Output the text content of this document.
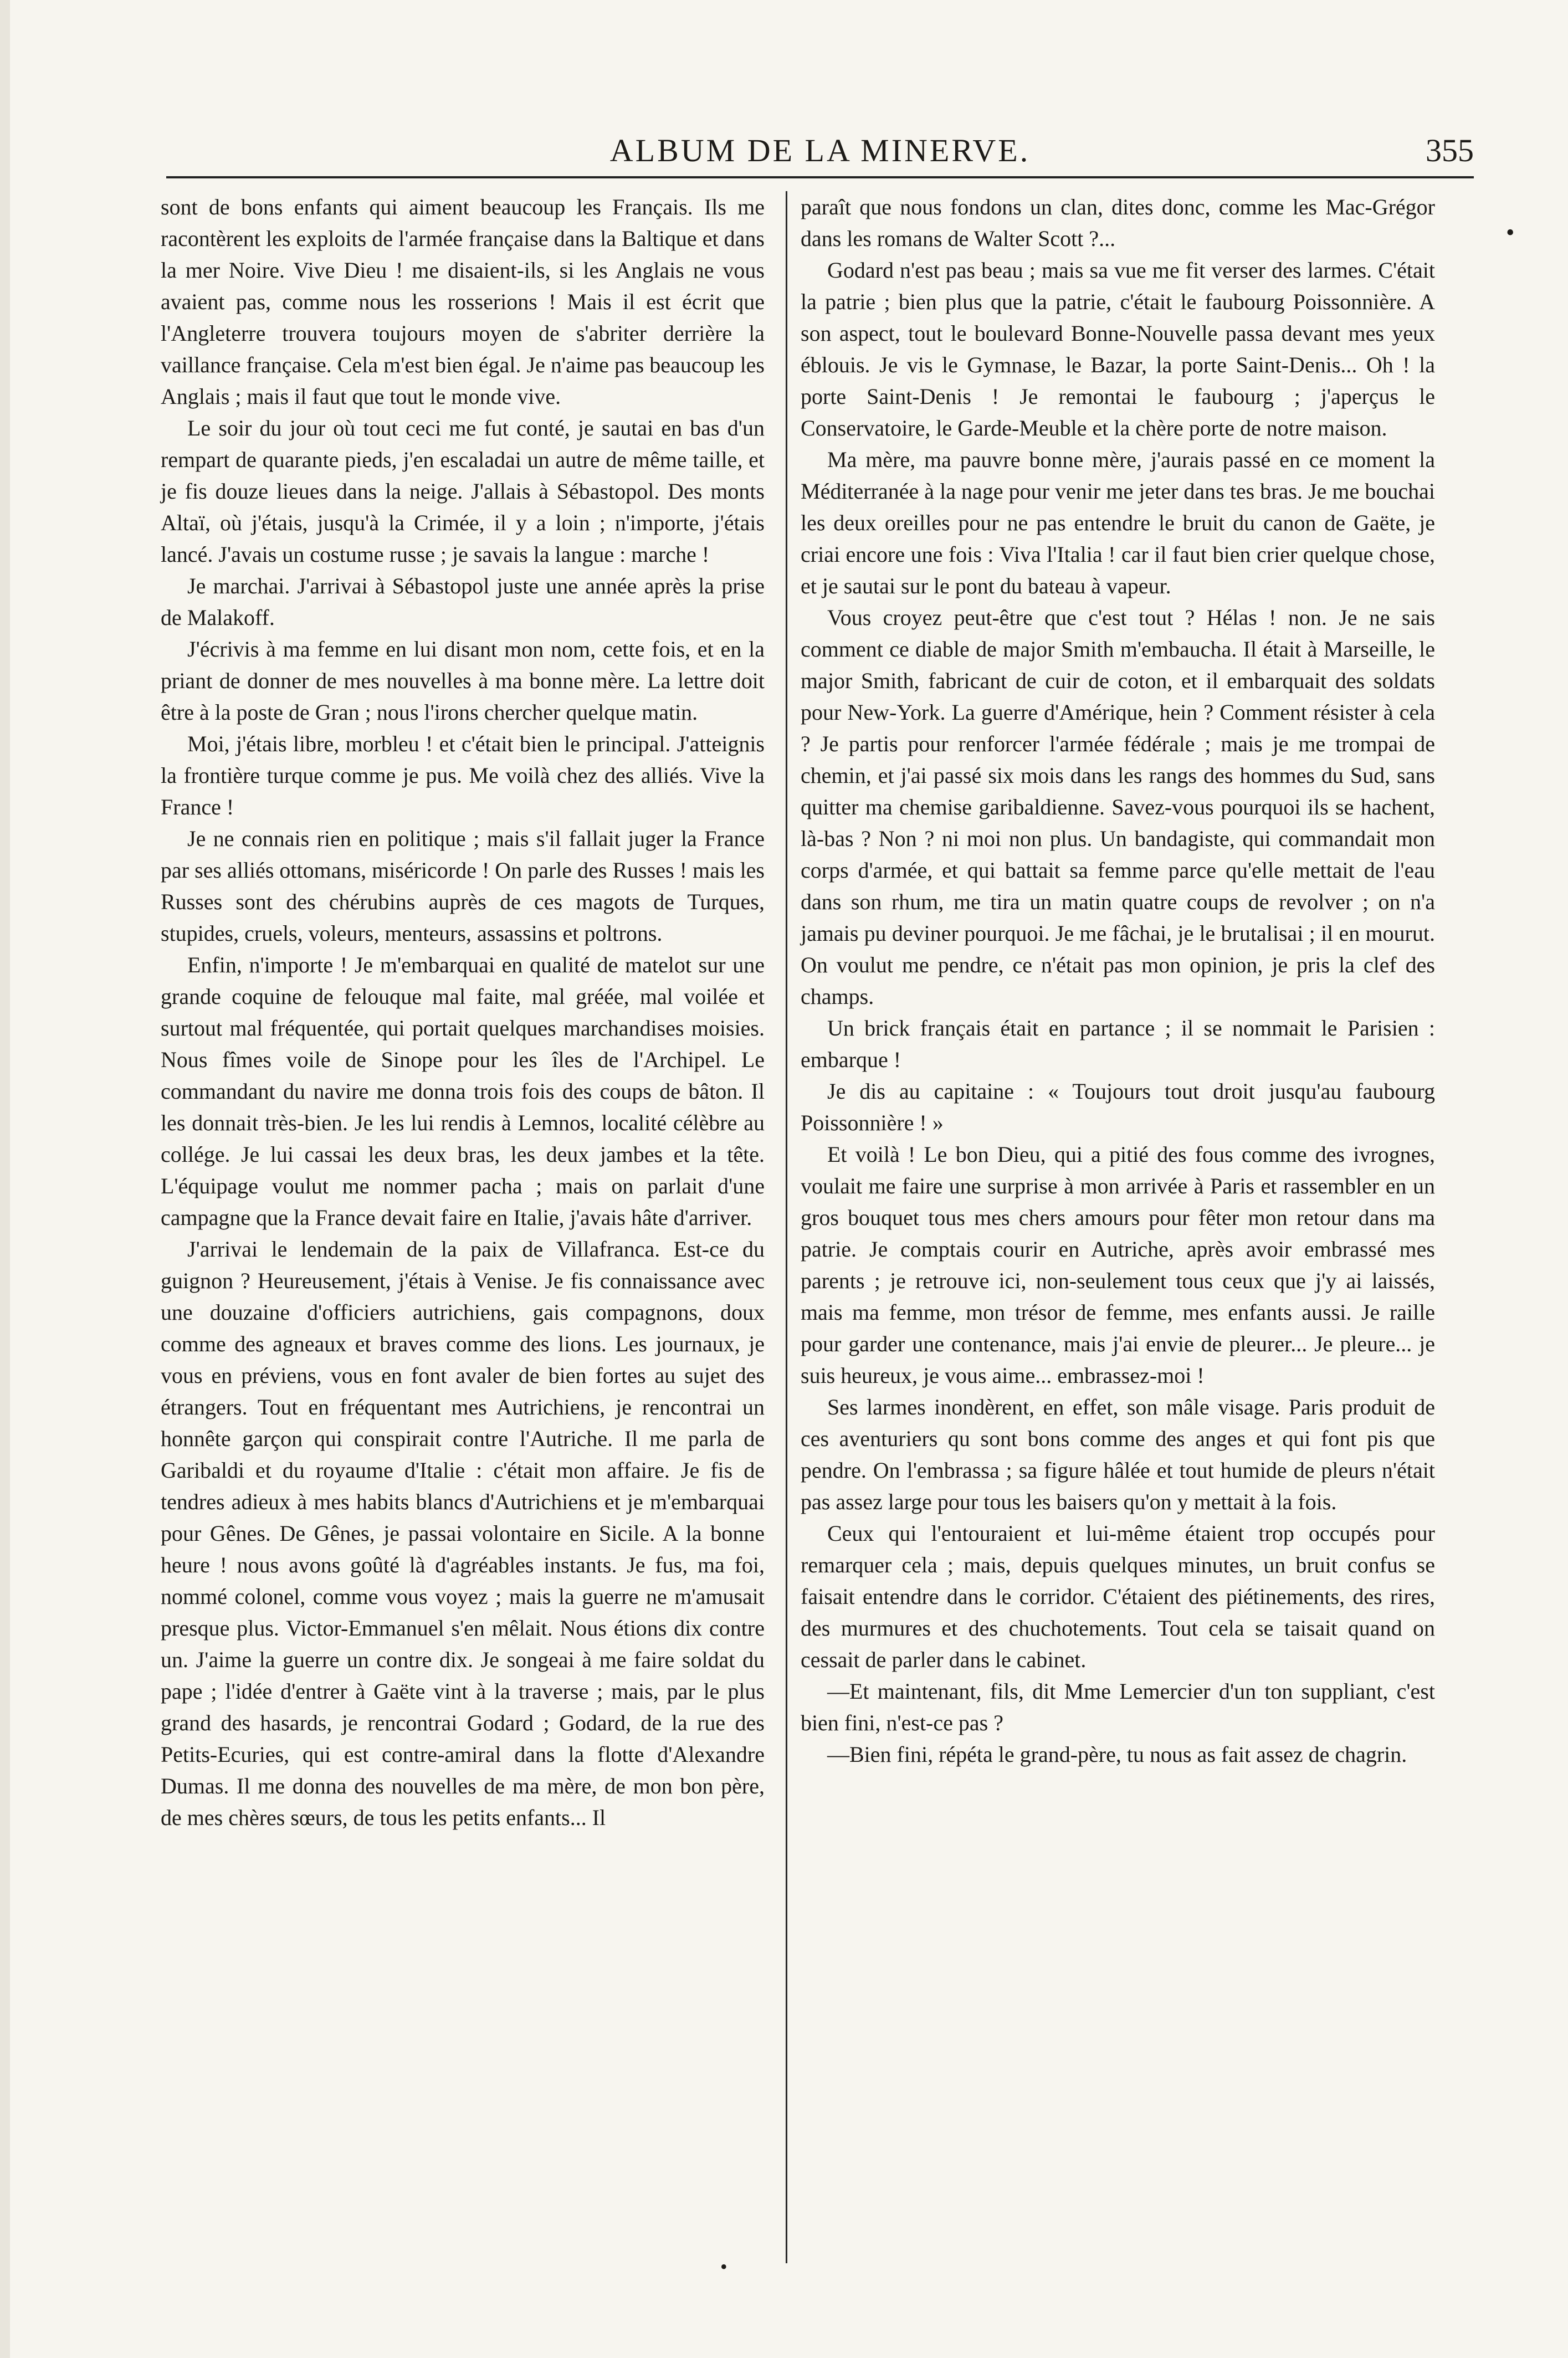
ALBUM DE LA MINERVE.	355
•

sont de bons enfants qui aiment beaucoup les Français. Ils me racontèrent les exploits de l'armée française dans la Baltique et dans la mer Noire. Vive Dieu ! me disaient-ils, si les Anglais ne vous avaient pas, comme nous les rosserions ! Mais il est écrit que l'Angleterre trouvera toujours moyen de s'abriter derrière la vaillance française. Cela m'est bien égal. Je n'aime pas beaucoup les Anglais ; mais il faut que tout le monde vive.

Le soir du jour où tout ceci me fut conté, je sautai en bas d'un rempart de quarante pieds, j'en escaladai un autre de même taille, et je fis douze lieues dans la neige. J'allais à Sébastopol. Des monts Altaï, où j'étais, jusqu'à la Crimée, il y a loin ; n'importe, j'étais lancé. J'avais un costume russe ; je savais la langue : marche !

Je marchai. J'arrivai à Sébastopol juste une année après la prise de Malakoff.

J'écrivis à ma femme en lui disant mon nom, cette fois, et en la priant de donner de mes nouvelles à ma bonne mère. La lettre doit être à la poste de Gran ; nous l'irons chercher quelque matin.

Moi, j'étais libre, morbleu ! et c'était bien le principal. J'atteignis la frontière turque comme je pus. Me voilà chez des alliés. Vive la France !

Je ne connais rien en politique ; mais s'il fallait juger la France par ses alliés ottomans, miséricorde ! On parle des Russes ! mais les Russes sont des chérubins auprès de ces magots de Turques, stupides, cruels, voleurs, menteurs, assassins et poltrons.

Enfin, n'importe ! Je m'embarquai en qualité de matelot sur une grande coquine de felouque mal faite, mal gréée, mal voilée et surtout mal fréquentée, qui portait quelques marchandises moisies. Nous fîmes voile de Sinope pour les îles de l'Archipel. Le commandant du navire me donna trois fois des coups de bâton. Il les donnait très-bien. Je les lui rendis à Lemnos, localité célèbre au collége. Je lui cassai les deux bras, les deux jambes et la tête. L'équipage voulut me nommer pacha ; mais on parlait d'une campagne que la France devait faire en Italie, j'avais hâte d'arriver.

J'arrivai le lendemain de la paix de Villafranca. Est-ce du guignon ? Heureusement, j'étais à Venise. Je fis connaissance avec une douzaine d'officiers autrichiens, gais compagnons, doux comme des agneaux et braves comme des lions. Les journaux, je vous en préviens, vous en font avaler de bien fortes au sujet des étrangers. Tout en fréquentant mes Autrichiens, je rencontrai un honnête garçon qui conspirait contre l'Autriche. Il me parla de Garibaldi et du royaume d'Italie : c'était mon affaire. Je fis de tendres adieux à mes habits blancs d'Autrichiens et je m'embarquai pour Gênes. De Gênes, je passai volontaire en Sicile. A la bonne heure ! nous avons goûté là d'agréables instants. Je fus, ma foi, nommé colonel, comme vous voyez ; mais la guerre ne m'amusait presque plus. Victor-Emmanuel s'en mêlait. Nous étions dix contre un. J'aime la guerre un contre dix. Je songeai à me faire soldat du pape ; l'idée d'entrer à Gaëte vint à la traverse ; mais, par le plus grand des hasards, je rencontrai Godard ; Godard, de la rue des Petits-Ecuries, qui est contre-amiral dans la flotte d'Alexandre Dumas. Il me donna des nouvelles de ma mère, de mon bon père, de mes chères sœurs, de tous les petits enfants... Il

paraît que nous fondons un clan, dites donc, comme les Mac-Grégor dans les romans de Walter Scott ?...

Godard n'est pas beau ; mais sa vue me fit verser des larmes. C'était la patrie ; bien plus que la patrie, c'était le faubourg Poissonnière. A son aspect, tout le boulevard Bonne-Nouvelle passa devant mes yeux éblouis. Je vis le Gymnase, le Bazar, la porte Saint-Denis... Oh ! la porte Saint-Denis ! Je remontai le faubourg ; j'aperçus le Conservatoire, le Garde-Meuble et la chère porte de notre maison.

Ma mère, ma pauvre bonne mère, j'aurais passé en ce moment la Méditerranée à la nage pour venir me jeter dans tes bras. Je me bouchai les deux oreilles pour ne pas entendre le bruit du canon de Gaëte, je criai encore une fois : Viva l'Italia ! car il faut bien crier quelque chose, et je sautai sur le pont du bateau à vapeur.

Vous croyez peut-être que c'est tout ? Hélas ! non. Je ne sais comment ce diable de major Smith m'embaucha. Il était à Marseille, le major Smith, fabricant de cuir de coton, et il embarquait des soldats pour New-York. La guerre d'Amérique, hein ? Comment résister à cela ? Je partis pour renforcer l'armée fédérale ; mais je me trompai de chemin, et j'ai passé six mois dans les rangs des hommes du Sud, sans quitter ma chemise garibaldienne. Savez-vous pourquoi ils se hachent, là-bas ? Non ? ni moi non plus. Un bandagiste, qui commandait mon corps d'armée, et qui battait sa femme parce qu'elle mettait de l'eau dans son rhum, me tira un matin quatre coups de revolver ; on n'a jamais pu deviner pourquoi. Je me fâchai, je le brutalisai ; il en mourut. On voulut me pendre, ce n'était pas mon opinion, je pris la clef des champs.

Un brick français était en partance ; il se nommait le Parisien : embarque !

Je dis au capitaine : « Toujours tout droit jusqu'au faubourg Poissonnière ! »

Et voilà ! Le bon Dieu, qui a pitié des fous comme des ivrognes, voulait me faire une surprise à mon arrivée à Paris et rassembler en un gros bouquet tous mes chers amours pour fêter mon retour dans ma patrie. Je comptais courir en Autriche, après avoir embrassé mes parents ; je retrouve ici, non-seulement tous ceux que j'y ai laissés, mais ma femme, mon trésor de femme, mes enfants aussi. Je raille pour garder une contenance, mais j'ai envie de pleurer... Je pleure... je suis heureux, je vous aime... embrassez-moi !

Ses larmes inondèrent, en effet, son mâle visage. Paris produit de ces aventuriers qu sont bons comme des anges et qui font pis que pendre. On l'embrassa ; sa figure hâlée et tout humide de pleurs n'était pas assez large pour tous les baisers qu'on y mettait à la fois.

Ceux qui l'entouraient et lui-même étaient trop occupés pour remarquer cela ; mais, depuis quelques minutes, un bruit confus se faisait entendre dans le corridor. C'étaient des piétinements, des rires, des murmures et des chuchotements. Tout cela se taisait quand on cessait de parler dans le cabinet.

—Et maintenant, fils, dit Mme Lemercier d'un ton suppliant, c'est bien fini, n'est-ce pas ?

—Bien fini, répéta le grand-père, tu nous as fait assez de chagrin.

•
